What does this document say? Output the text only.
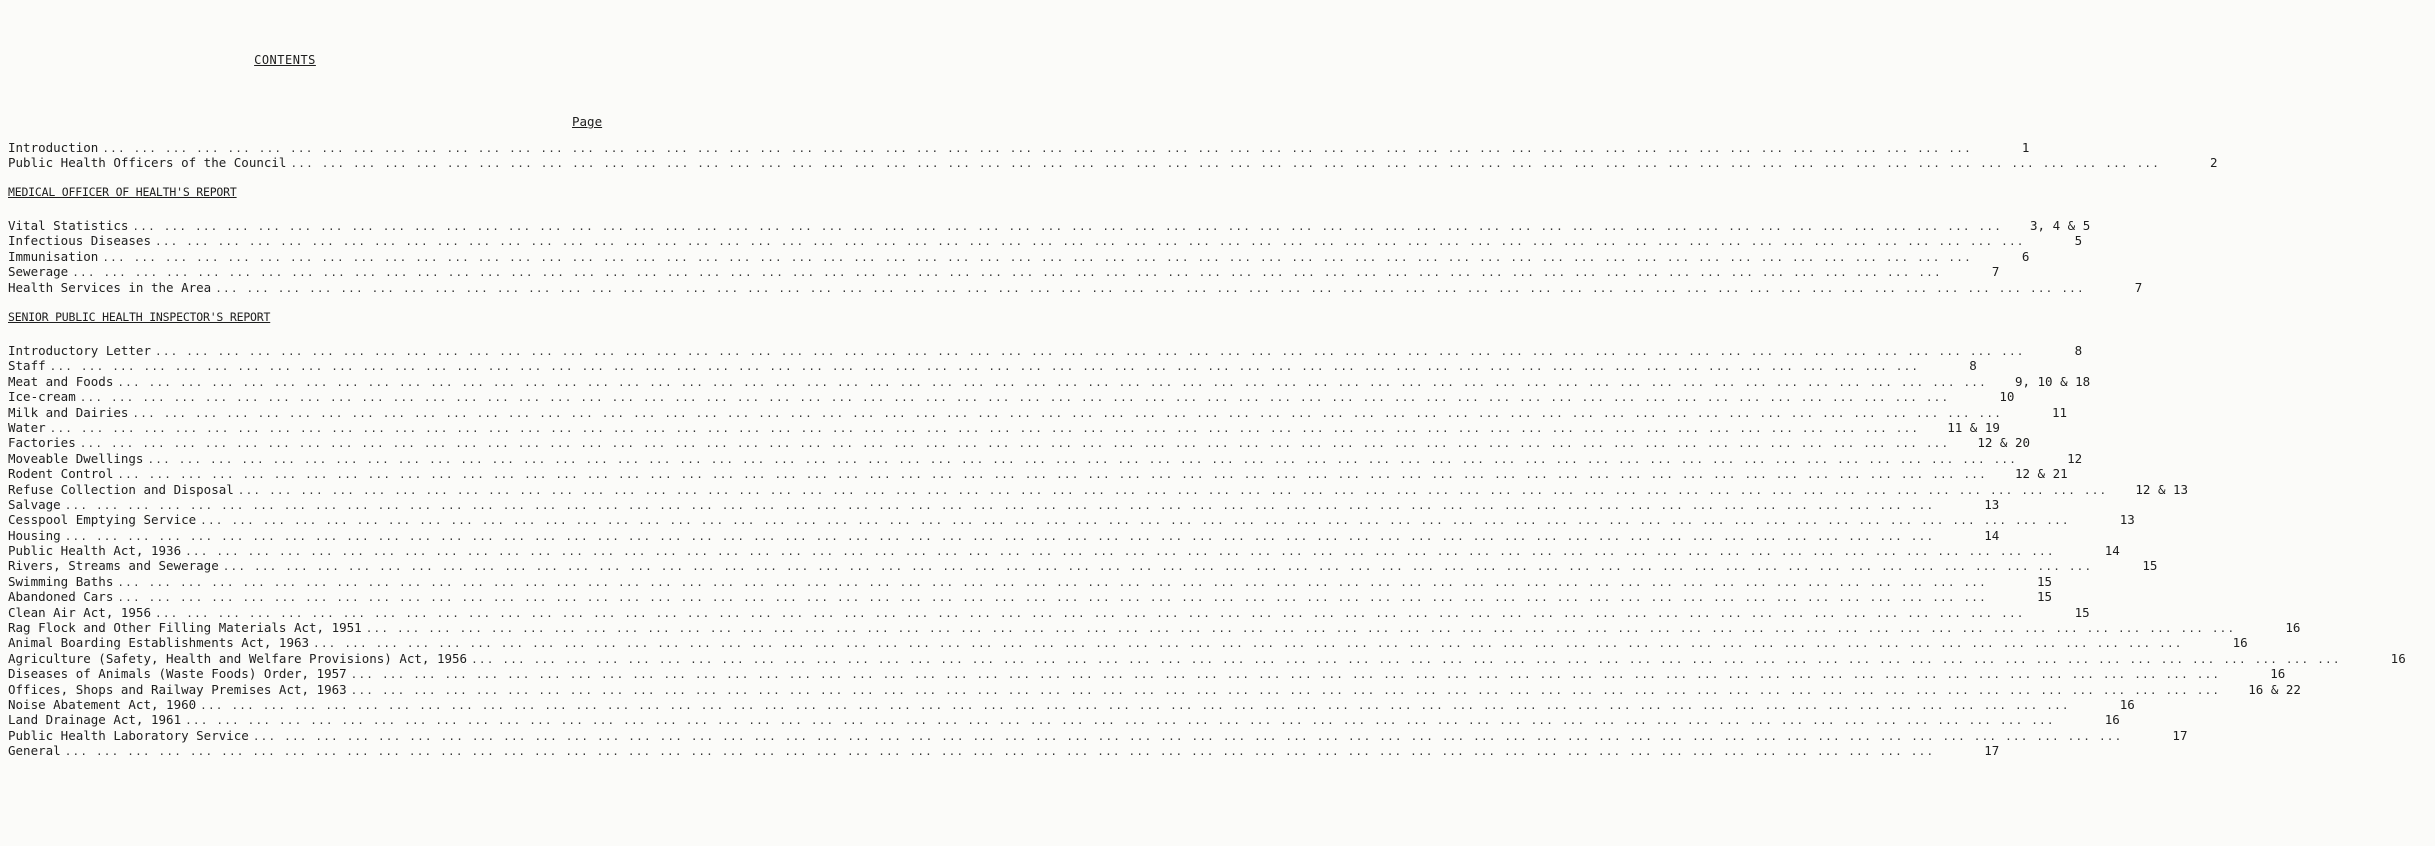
CONTENTS
Page
Introduction ... ... ... ... ... ... ... ... ... ... ... ... ... ... ... ... ... ... ... ... ... ... ... ... ... ... ... ... ... ... ... ... ... ... ... ... ... ... ... ... ... ... ... ... ... ... ... ... ... ... ... ... ... ... ... ... ... ... ... ...	1
Public Health Officers of the Council ... ... ... ... ... ... ... ... ... ... ... ... ... ... ... ... ... ... ... ... ... ... ... ... ... ... ... ... ... ... ... ... ... ... ... ... ... ... ... ... ... ... ... ... ... ... ... ... ... ... ... ... ... ... ... ... ... ... ... ...	2
MEDICAL OFFICER OF HEALTH'S REPORT
Vital Statistics ... ... ... ... ... ... ... ... ... ... ... ... ... ... ... ... ... ... ... ... ... ... ... ... ... ... ... ... ... ... ... ... ... ... ... ... ... ... ... ... ... ... ... ... ... ... ... ... ... ... ... ... ... ... ... ... ... ... ... ...	3, 4 & 5
Infectious Diseases ... ... ... ... ... ... ... ... ... ... ... ... ... ... ... ... ... ... ... ... ... ... ... ... ... ... ... ... ... ... ... ... ... ... ... ... ... ... ... ... ... ... ... ... ... ... ... ... ... ... ... ... ... ... ... ... ... ... ... ...	5
Immunisation ... ... ... ... ... ... ... ... ... ... ... ... ... ... ... ... ... ... ... ... ... ... ... ... ... ... ... ... ... ... ... ... ... ... ... ... ... ... ... ... ... ... ... ... ... ... ... ... ... ... ... ... ... ... ... ... ... ... ... ...	6
Sewerage ... ... ... ... ... ... ... ... ... ... ... ... ... ... ... ... ... ... ... ... ... ... ... ... ... ... ... ... ... ... ... ... ... ... ... ... ... ... ... ... ... ... ... ... ... ... ... ... ... ... ... ... ... ... ... ... ... ... ... ...	7
Health Services in the Area ... ... ... ... ... ... ... ... ... ... ... ... ... ... ... ... ... ... ... ... ... ... ... ... ... ... ... ... ... ... ... ... ... ... ... ... ... ... ... ... ... ... ... ... ... ... ... ... ... ... ... ... ... ... ... ... ... ... ... ...	7
SENIOR PUBLIC HEALTH INSPECTOR'S REPORT
Introductory Letter ... ... ... ... ... ... ... ... ... ... ... ... ... ... ... ... ... ... ... ... ... ... ... ... ... ... ... ... ... ... ... ... ... ... ... ... ... ... ... ... ... ... ... ... ... ... ... ... ... ... ... ... ... ... ... ... ... ... ... ...	8
Staff ... ... ... ... ... ... ... ... ... ... ... ... ... ... ... ... ... ... ... ... ... ... ... ... ... ... ... ... ... ... ... ... ... ... ... ... ... ... ... ... ... ... ... ... ... ... ... ... ... ... ... ... ... ... ... ... ... ... ... ...	8
Meat and Foods ... ... ... ... ... ... ... ... ... ... ... ... ... ... ... ... ... ... ... ... ... ... ... ... ... ... ... ... ... ... ... ... ... ... ... ... ... ... ... ... ... ... ... ... ... ... ... ... ... ... ... ... ... ... ... ... ... ... ... ...	9, 10 & 18
Ice-cream ... ... ... ... ... ... ... ... ... ... ... ... ... ... ... ... ... ... ... ... ... ... ... ... ... ... ... ... ... ... ... ... ... ... ... ... ... ... ... ... ... ... ... ... ... ... ... ... ... ... ... ... ... ... ... ... ... ... ... ...	10
Milk and Dairies ... ... ... ... ... ... ... ... ... ... ... ... ... ... ... ... ... ... ... ... ... ... ... ... ... ... ... ... ... ... ... ... ... ... ... ... ... ... ... ... ... ... ... ... ... ... ... ... ... ... ... ... ... ... ... ... ... ... ... ...	11
Water ... ... ... ... ... ... ... ... ... ... ... ... ... ... ... ... ... ... ... ... ... ... ... ... ... ... ... ... ... ... ... ... ... ... ... ... ... ... ... ... ... ... ... ... ... ... ... ... ... ... ... ... ... ... ... ... ... ... ... ...	11 & 19
Factories ... ... ... ... ... ... ... ... ... ... ... ... ... ... ... ... ... ... ... ... ... ... ... ... ... ... ... ... ... ... ... ... ... ... ... ... ... ... ... ... ... ... ... ... ... ... ... ... ... ... ... ... ... ... ... ... ... ... ... ...	12 & 20
Moveable Dwellings ... ... ... ... ... ... ... ... ... ... ... ... ... ... ... ... ... ... ... ... ... ... ... ... ... ... ... ... ... ... ... ... ... ... ... ... ... ... ... ... ... ... ... ... ... ... ... ... ... ... ... ... ... ... ... ... ... ... ... ...	12
Rodent Control ... ... ... ... ... ... ... ... ... ... ... ... ... ... ... ... ... ... ... ... ... ... ... ... ... ... ... ... ... ... ... ... ... ... ... ... ... ... ... ... ... ... ... ... ... ... ... ... ... ... ... ... ... ... ... ... ... ... ... ...	12 & 21
Refuse Collection and Disposal ... ... ... ... ... ... ... ... ... ... ... ... ... ... ... ... ... ... ... ... ... ... ... ... ... ... ... ... ... ... ... ... ... ... ... ... ... ... ... ... ... ... ... ... ... ... ... ... ... ... ... ... ... ... ... ... ... ... ... ...	12 & 13
Salvage ... ... ... ... ... ... ... ... ... ... ... ... ... ... ... ... ... ... ... ... ... ... ... ... ... ... ... ... ... ... ... ... ... ... ... ... ... ... ... ... ... ... ... ... ... ... ... ... ... ... ... ... ... ... ... ... ... ... ... ...	13
Cesspool Emptying Service ... ... ... ... ... ... ... ... ... ... ... ... ... ... ... ... ... ... ... ... ... ... ... ... ... ... ... ... ... ... ... ... ... ... ... ... ... ... ... ... ... ... ... ... ... ... ... ... ... ... ... ... ... ... ... ... ... ... ... ...	13
Housing ... ... ... ... ... ... ... ... ... ... ... ... ... ... ... ... ... ... ... ... ... ... ... ... ... ... ... ... ... ... ... ... ... ... ... ... ... ... ... ... ... ... ... ... ... ... ... ... ... ... ... ... ... ... ... ... ... ... ... ...	14
Public Health Act, 1936 ... ... ... ... ... ... ... ... ... ... ... ... ... ... ... ... ... ... ... ... ... ... ... ... ... ... ... ... ... ... ... ... ... ... ... ... ... ... ... ... ... ... ... ... ... ... ... ... ... ... ... ... ... ... ... ... ... ... ... ...	14
Rivers, Streams and Sewerage ... ... ... ... ... ... ... ... ... ... ... ... ... ... ... ... ... ... ... ... ... ... ... ... ... ... ... ... ... ... ... ... ... ... ... ... ... ... ... ... ... ... ... ... ... ... ... ... ... ... ... ... ... ... ... ... ... ... ... ...	15
Swimming Baths ... ... ... ... ... ... ... ... ... ... ... ... ... ... ... ... ... ... ... ... ... ... ... ... ... ... ... ... ... ... ... ... ... ... ... ... ... ... ... ... ... ... ... ... ... ... ... ... ... ... ... ... ... ... ... ... ... ... ... ...	15
Abandoned Cars ... ... ... ... ... ... ... ... ... ... ... ... ... ... ... ... ... ... ... ... ... ... ... ... ... ... ... ... ... ... ... ... ... ... ... ... ... ... ... ... ... ... ... ... ... ... ... ... ... ... ... ... ... ... ... ... ... ... ... ...	15
Clean Air Act, 1956 ... ... ... ... ... ... ... ... ... ... ... ... ... ... ... ... ... ... ... ... ... ... ... ... ... ... ... ... ... ... ... ... ... ... ... ... ... ... ... ... ... ... ... ... ... ... ... ... ... ... ... ... ... ... ... ... ... ... ... ...	15
Rag Flock and Other Filling Materials Act, 1951 ... ... ... ... ... ... ... ... ... ... ... ... ... ... ... ... ... ... ... ... ... ... ... ... ... ... ... ... ... ... ... ... ... ... ... ... ... ... ... ... ... ... ... ... ... ... ... ... ... ... ... ... ... ... ... ... ... ... ... ...	16
Animal Boarding Establishments Act, 1963 ... ... ... ... ... ... ... ... ... ... ... ... ... ... ... ... ... ... ... ... ... ... ... ... ... ... ... ... ... ... ... ... ... ... ... ... ... ... ... ... ... ... ... ... ... ... ... ... ... ... ... ... ... ... ... ... ... ... ... ...	16
Agriculture (Safety, Health and Welfare Provisions) Act, 1956 ... ... ... ... ... ... ... ... ... ... ... ... ... ... ... ... ... ... ... ... ... ... ... ... ... ... ... ... ... ... ... ... ... ... ... ... ... ... ... ... ... ... ... ... ... ... ... ... ... ... ... ... ... ... ... ... ... ... ... ...	16
Diseases of Animals (Waste Foods) Order, 1957 ... ... ... ... ... ... ... ... ... ... ... ... ... ... ... ... ... ... ... ... ... ... ... ... ... ... ... ... ... ... ... ... ... ... ... ... ... ... ... ... ... ... ... ... ... ... ... ... ... ... ... ... ... ... ... ... ... ... ... ...	16
Offices, Shops and Railway Premises Act, 1963 ... ... ... ... ... ... ... ... ... ... ... ... ... ... ... ... ... ... ... ... ... ... ... ... ... ... ... ... ... ... ... ... ... ... ... ... ... ... ... ... ... ... ... ... ... ... ... ... ... ... ... ... ... ... ... ... ... ... ... ...	16 & 22
Noise Abatement Act, 1960 ... ... ... ... ... ... ... ... ... ... ... ... ... ... ... ... ... ... ... ... ... ... ... ... ... ... ... ... ... ... ... ... ... ... ... ... ... ... ... ... ... ... ... ... ... ... ... ... ... ... ... ... ... ... ... ... ... ... ... ...	16
Land Drainage Act, 1961 ... ... ... ... ... ... ... ... ... ... ... ... ... ... ... ... ... ... ... ... ... ... ... ... ... ... ... ... ... ... ... ... ... ... ... ... ... ... ... ... ... ... ... ... ... ... ... ... ... ... ... ... ... ... ... ... ... ... ... ...	16
Public Health Laboratory Service ... ... ... ... ... ... ... ... ... ... ... ... ... ... ... ... ... ... ... ... ... ... ... ... ... ... ... ... ... ... ... ... ... ... ... ... ... ... ... ... ... ... ... ... ... ... ... ... ... ... ... ... ... ... ... ... ... ... ... ...	17
General ... ... ... ... ... ... ... ... ... ... ... ... ... ... ... ... ... ... ... ... ... ... ... ... ... ... ... ... ... ... ... ... ... ... ... ... ... ... ... ... ... ... ... ... ... ... ... ... ... ... ... ... ... ... ... ... ... ... ... ...	17
